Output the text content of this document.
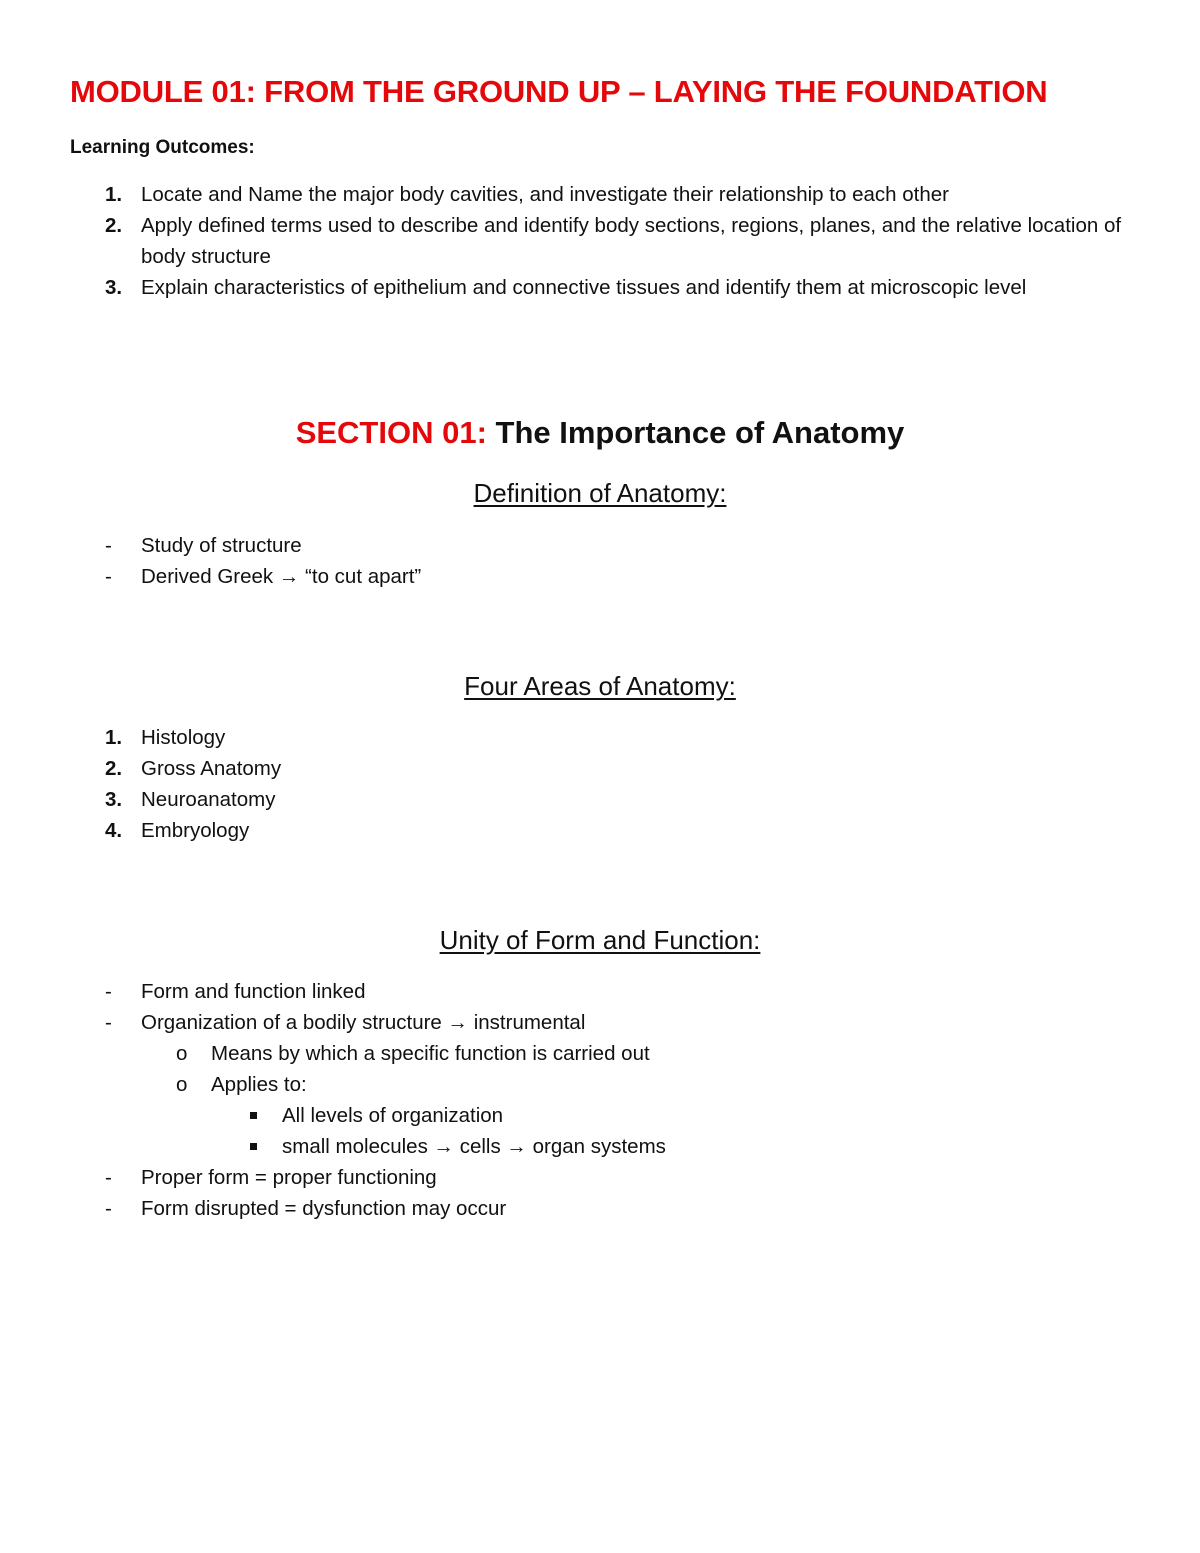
MODULE 01: FROM THE GROUND UP – LAYING THE FOUNDATION

Learning Outcomes:

1. Locate and Name the major body cavities, and investigate their relationship to each other
2. Apply defined terms used to describe and identify body sections, regions, planes, and the relative location of body structure
3. Explain characteristics of epithelium and connective tissues and identify them at microscopic level
SECTION 01: The Importance of Anatomy
Definition of Anatomy:
- Study of structure
- Derived Greek → “to cut apart”
Four Areas of Anatomy:
1. Histology
2. Gross Anatomy
3. Neuroanatomy
4. Embryology
Unity of Form and Function:
- Form and function linked
- Organization of a bodily structure → instrumental
o Means by which a specific function is carried out
o Applies to:
All levels of organization
small molecules → cells → organ systems
- Proper form = proper functioning
- Form disrupted = dysfunction may occur
